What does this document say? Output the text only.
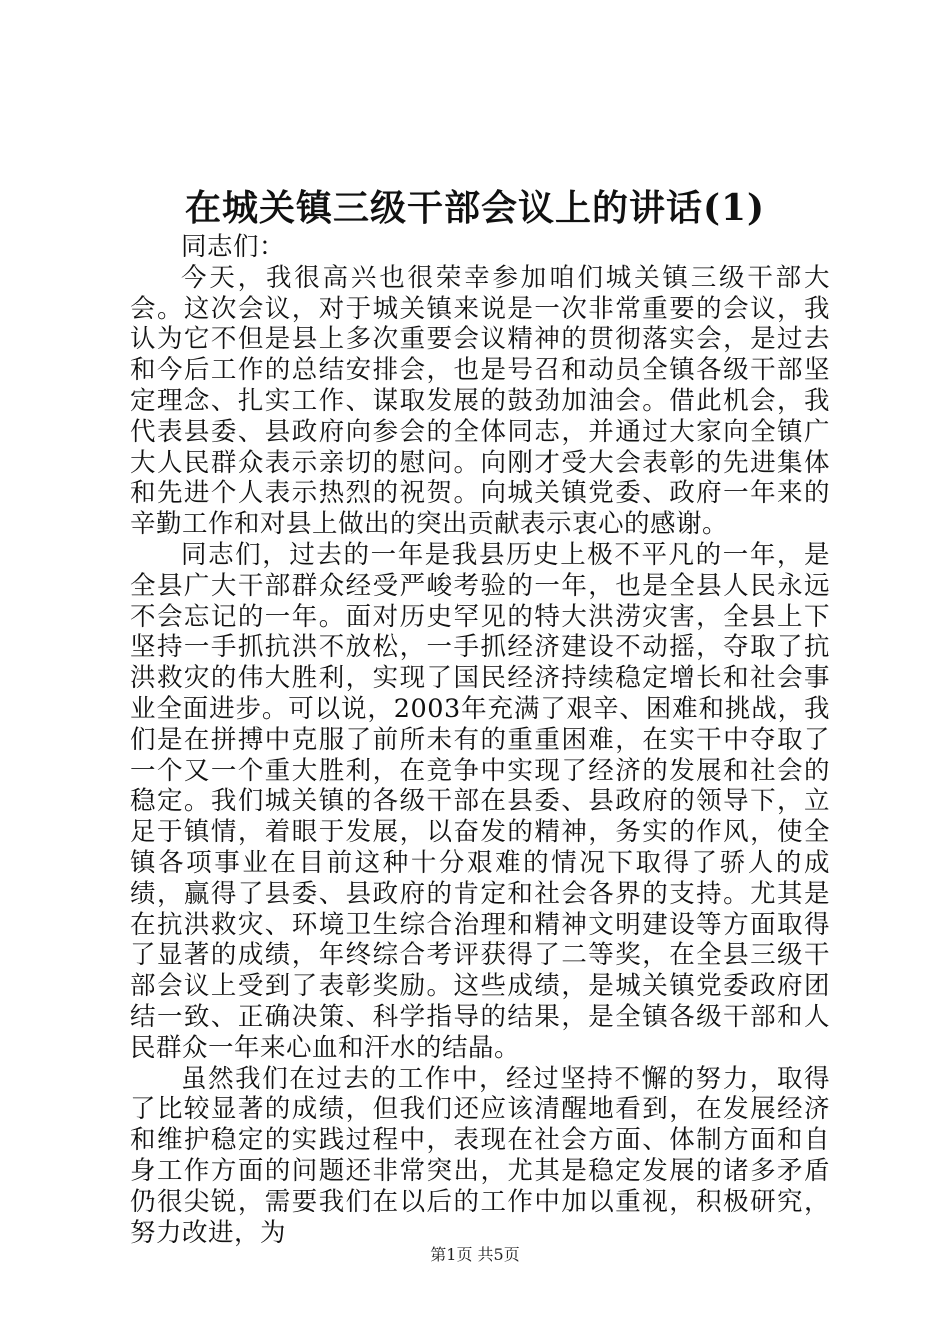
在城关镇三级干部会议上的讲话(1)

同志们：

今天，我很高兴也很荣幸参加咱们城关镇三级干部大会。这次会议，对于城关镇来说是一次非常重要的会议，我认为它不但是县上多次重要会议精神的贯彻落实会，是过去和今后工作的总结安排会，也是号召和动员全镇各级干部坚定理念、扎实工作、谋取发展的鼓劲加油会。借此机会，我代表县委、县政府向参会的全体同志，并通过大家向全镇广大人民群众表示亲切的慰问。向刚才受大会表彰的先进集体和先进个人表示热烈的祝贺。向城关镇党委、政府一年来的辛勤工作和对县上做出的突出贡献表示衷心的感谢。

同志们，过去的一年是我县历史上极不平凡的一年，是全县广大干部群众经受严峻考验的一年，也是全县人民永远不会忘记的一年。面对历史罕见的特大洪涝灾害，全县上下坚持一手抓抗洪不放松，一手抓经济建设不动摇，夺取了抗洪救灾的伟大胜利，实现了国民经济持续稳定增长和社会事业全面进步。可以说，2003年充满了艰辛、困难和挑战，我们是在拼搏中克服了前所未有的重重困难，在实干中夺取了一个又一个重大胜利，在竞争中实现了经济的发展和社会的稳定。我们城关镇的各级干部在县委、县政府的领导下，立足于镇情，着眼于发展，以奋发的精神，务实的作风，使全镇各项事业在目前这种十分艰难的情况下取得了骄人的成绩，赢得了县委、县政府的肯定和社会各界的支持。尤其是在抗洪救灾、环境卫生综合治理和精神文明建设等方面取得了显著的成绩，年终综合考评获得了二等奖，在全县三级干部会议上受到了表彰奖励。这些成绩，是城关镇党委政府团结一致、正确决策、科学指导的结果，是全镇各级干部和人民群众一年来心血和汗水的结晶。

虽然我们在过去的工作中，经过坚持不懈的努力，取得了比较显著的成绩，但我们还应该清醒地看到，在发展经济和维护稳定的实践过程中，表现在社会方面、体制方面和自身工作方面的问题还非常突出，尤其是稳定发展的诸多矛盾仍很尖锐，需要我们在以后的工作中加以重视，积极研究，努力改进，为

第1页 共5页
